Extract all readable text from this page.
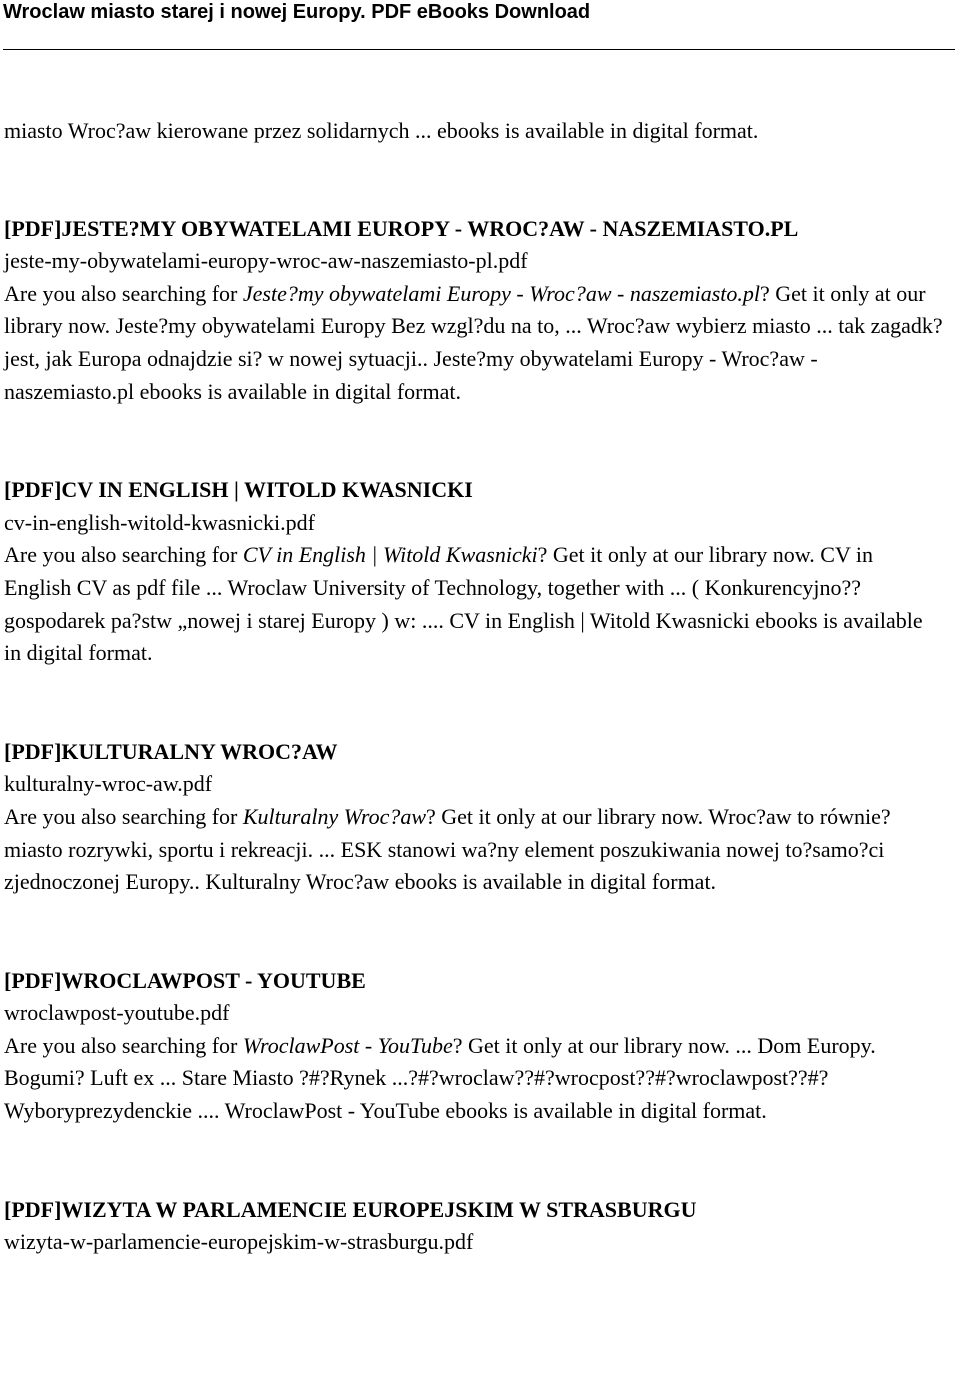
Wroclaw miasto starej i nowej Europy. PDF eBooks Download
miasto Wroc?aw kierowane przez solidarnych ... ebooks is available in digital format.
[PDF]JESTE?MY OBYWATELAMI EUROPY - WROC?AW - NASZEMIASTO.PL
jeste-my-obywatelami-europy-wroc-aw-naszemiasto-pl.pdf
Are you also searching for Jeste?my obywatelami Europy - Wroc?aw - naszemiasto.pl? Get it only at our library now. Jeste?my obywatelami Europy Bez wzgl?du na to, ... Wroc?aw wybierz miasto ... tak zagadk? jest, jak Europa odnajdzie si? w nowej sytuacji.. Jeste?my obywatelami Europy - Wroc?aw - naszemiasto.pl ebooks is available in digital format.
[PDF]CV IN ENGLISH | WITOLD KWASNICKI
cv-in-english-witold-kwasnicki.pdf
Are you also searching for CV in English | Witold Kwasnicki? Get it only at our library now. CV in English CV as pdf file ... Wroclaw University of Technology, together with ... ( Konkurencyjno?? gospodarek pa?stw „nowej i starej Europy ) w: .... CV in English | Witold Kwasnicki ebooks is available in digital format.
[PDF]KULTURALNY WROC?AW
kulturalny-wroc-aw.pdf
Are you also searching for Kulturalny Wroc?aw? Get it only at our library now. Wroc?aw to równie? miasto rozrywki, sportu i rekreacji. ... ESK stanowi wa?ny element poszukiwania nowej to?samo?ci zjednoczonej Europy.. Kulturalny Wroc?aw ebooks is available in digital format.
[PDF]WROCLAWPOST - YOUTUBE
wroclawpost-youtube.pdf
Are you also searching for WroclawPost - YouTube? Get it only at our library now. ... Dom Europy. Bogumi? Luft ex ... Stare Miasto ?#?Rynek ...?#?wroclaw??#?wrocpost??#?wroclawpost??#?Wyboryprezydenckie .... WroclawPost - YouTube ebooks is available in digital format.
[PDF]WIZYTA W PARLAMENCIE EUROPEJSKIM W STRASBURGU
wizyta-w-parlamencie-europejskim-w-strasburgu.pdf
